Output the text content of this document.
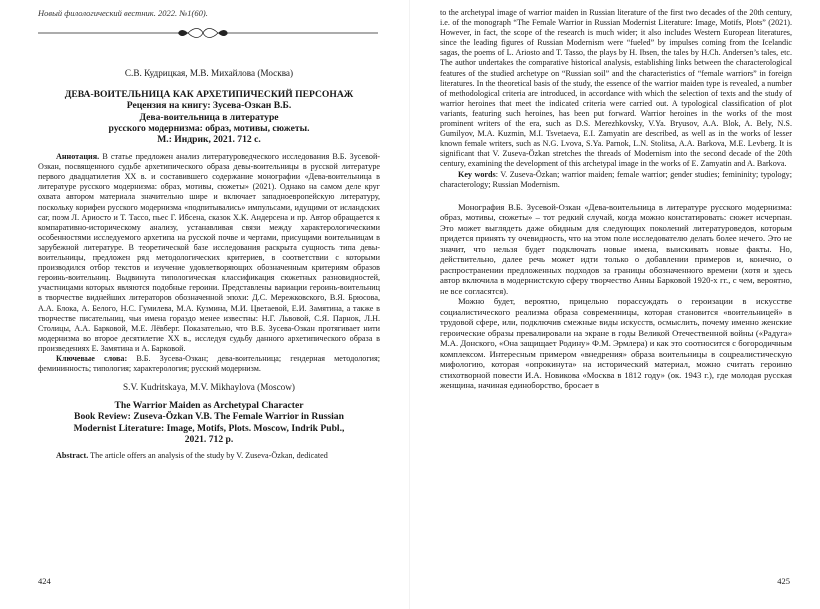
Новый филологический вестник. 2022. №1(60).
С.В. Кудрицкая, М.В. Михайлова (Москва)
ДЕВА-ВОИТЕЛЬНИЦА КАК АРХЕТИПИЧЕСКИЙ ПЕРСОНАЖ
Рецензия на книгу: Зусева-Озкан В.Б.
Дева-воительница в литературе
русского модернизма: образ, мотивы, сюжеты.
М.: Индрик, 2021. 712 с.

Аннотация. В статье предложен анализ литературоведческого исследования В.Б. Зусевой-Озкан, посвященного судьбе архетипического образа девы-воительницы в русской литературе первого двадцатилетия XX в. и составившего содержание монографии «Дева-воительница в литературе русского модернизма: образ, мотивы, сюжеты» (2021). Однако на самом деле круг охвата автором материала значительно шире и включает западноевропейскую литературу, поскольку корифеи русского модернизма «подпитывались» импульсами, идущими от исландских саг, поэм Л. Ариосто и Т. Тассо, пьес Г. Ибсена, сказок Х.К. Андерсена и пр. Автор обращается к компаративно-историческому анализу, устанавливая связи между характерологическими особенностями исследуемого архетипа на русской почве и чертами, присущими воительницам в зарубежной литературе. В теоретической базе исследования раскрыта сущность типа девы-воительницы, предложен ряд методологических критериев, в соответствии с которыми производился отбор текстов и изучение удовлетворяющих обозначенным критериям образов героинь-воительниц. Выдвинута типологическая классификация сюжетных разновидностей, участницами которых являются подобные героини. Представлены вариации героинь-воительниц в творчестве виднейших литераторов обозначенной эпохи: Д.С. Мережковского, В.Я. Брюсова, А.А. Блока, А. Белого, Н.С. Гумилева, М.А. Кузмина, М.И. Цветаевой, Е.И. Замятина, а также в творчестве писательниц, чьи имена гораздо менее известны: Н.Г. Львовой, С.Я. Парнок, Л.Н. Столицы, А.А. Барковой, М.Е. Лёвберг. Показательно, что В.Б. Зусева-Озкан протягивает нити модернизма во второе десятилетие XX в., исследуя судьбу данного архетипического образа в произведениях Е. Замятина и А. Барковой.

Ключевые слова: В.Б. Зусева-Озкан; дева-воительница; гендерная методология; фемининность; типология; характерология; русский модернизм.

S.V. Kudritskaya, M.V. Mikhaylova (Moscow)
The Warrior Maiden as Archetypal Character
Book Review: Zuseva-Özkan V.B. The Female Warrior in Russian
Modernist Literature: Image, Motifs, Plots. Moscow, Indrik Publ.,
2021. 712 p.

Abstract. The article offers an analysis of the study by V. Zuseva-Özkan, dedicated

424

to the archetypal image of warrior maiden in Russian literature of the first two decades of the 20th century, i.e. of the monograph “The Female Warrior in Russian Modernist Literature: Image, Motifs, Plots” (2021). However, in fact, the scope of the research is much wider; it also includes Western European literatures, since the leading figures of Russian Modernism were “fueled” by impulses coming from the Icelandic sagas, the poems of L. Ariosto and T. Tasso, the plays by H. Ibsen, the tales by H.Ch. Andersen’s tales, etc. The author undertakes the comparative historical analysis, establishing links between the characterological features of the studied archetype on “Russian soil” and the characteristics of “female warriors” in foreign literatures. In the theoretical basis of the study, the essence of the warrior maiden type is revealed, a number of methodological criteria are introduced, in accordance with which the selection of texts and the study of warrior heroines that meet the indicated criteria were carried out. A typological classification of plot variants, featuring such heroines, has been put forward. Warrior heroines in the works of the most prominent writers of the era, such as D.S. Merezhkovsky, V.Ya. Bryusov, A.A. Blok, A. Bely, N.S. Gumilyov, M.A. Kuzmin, M.I. Tsvetaeva, E.I. Zamyatin are described, as well as in the works of lesser known female writers, such as N.G. Lvova, S.Ya. Parnok, L.N. Stolitsa, A.A. Barkova, M.E. Levberg. It is significant that V. Zuseva-Özkan stretches the threads of Modernism into the second decade of the 20th century, examining the development of this archetypal image in the works of E. Zamyatin and A. Barkova.

Key words: V. Zuseva-Özkan; warrior maiden; female warrior; gender studies; femininity; typology; characterology; Russian Modernism.

Монография В.Б. Зусевой-Озкан «Дева-воительница в литературе русского модернизма: образ, мотивы, сюжеты» – тот редкий случай, когда можно констатировать: сюжет исчерпан. Это может выглядеть даже обидным для следующих поколений литературоведов, которым придется принять ту очевидность, что на этом поле исследователю делать более нечего. Это не значит, что нельзя будет подключать новые имена, выискивать новые факты. Но, действительно, далее речь может идти только о добавлении примеров и, конечно, о распространении предложенных подходов за границы обозначенного времени (хотя и здесь автор включила в модернистскую сферу творчество Анны Барковой 1920-х гг., с чем, вероятно, не все согласятся).

Можно будет, вероятно, прицельно порассуждать о героизации в искусстве социалистического реализма образа современницы, которая становится «воительницей» в трудовой сфере, или, подключив смежные виды искусств, осмыслить, почему именно женские героические образы превалировали на экране в годы Великой Отечественной войны («Радуга» М.А. Донского, «Она защищает Родину» Ф.М. Эрмлера) и как это соотносится с богородичным комплексом. Интересным примером «внедрения» образа воительницы в соцреалистическую мифологию, которая «опрокинута» на исторический материал, можно считать героиню стихотворной повести И.А. Новикова «Москва в 1812 году» (ок. 1943 г.), где молодая русская женщина, начиная единоборство, бросает в

425
